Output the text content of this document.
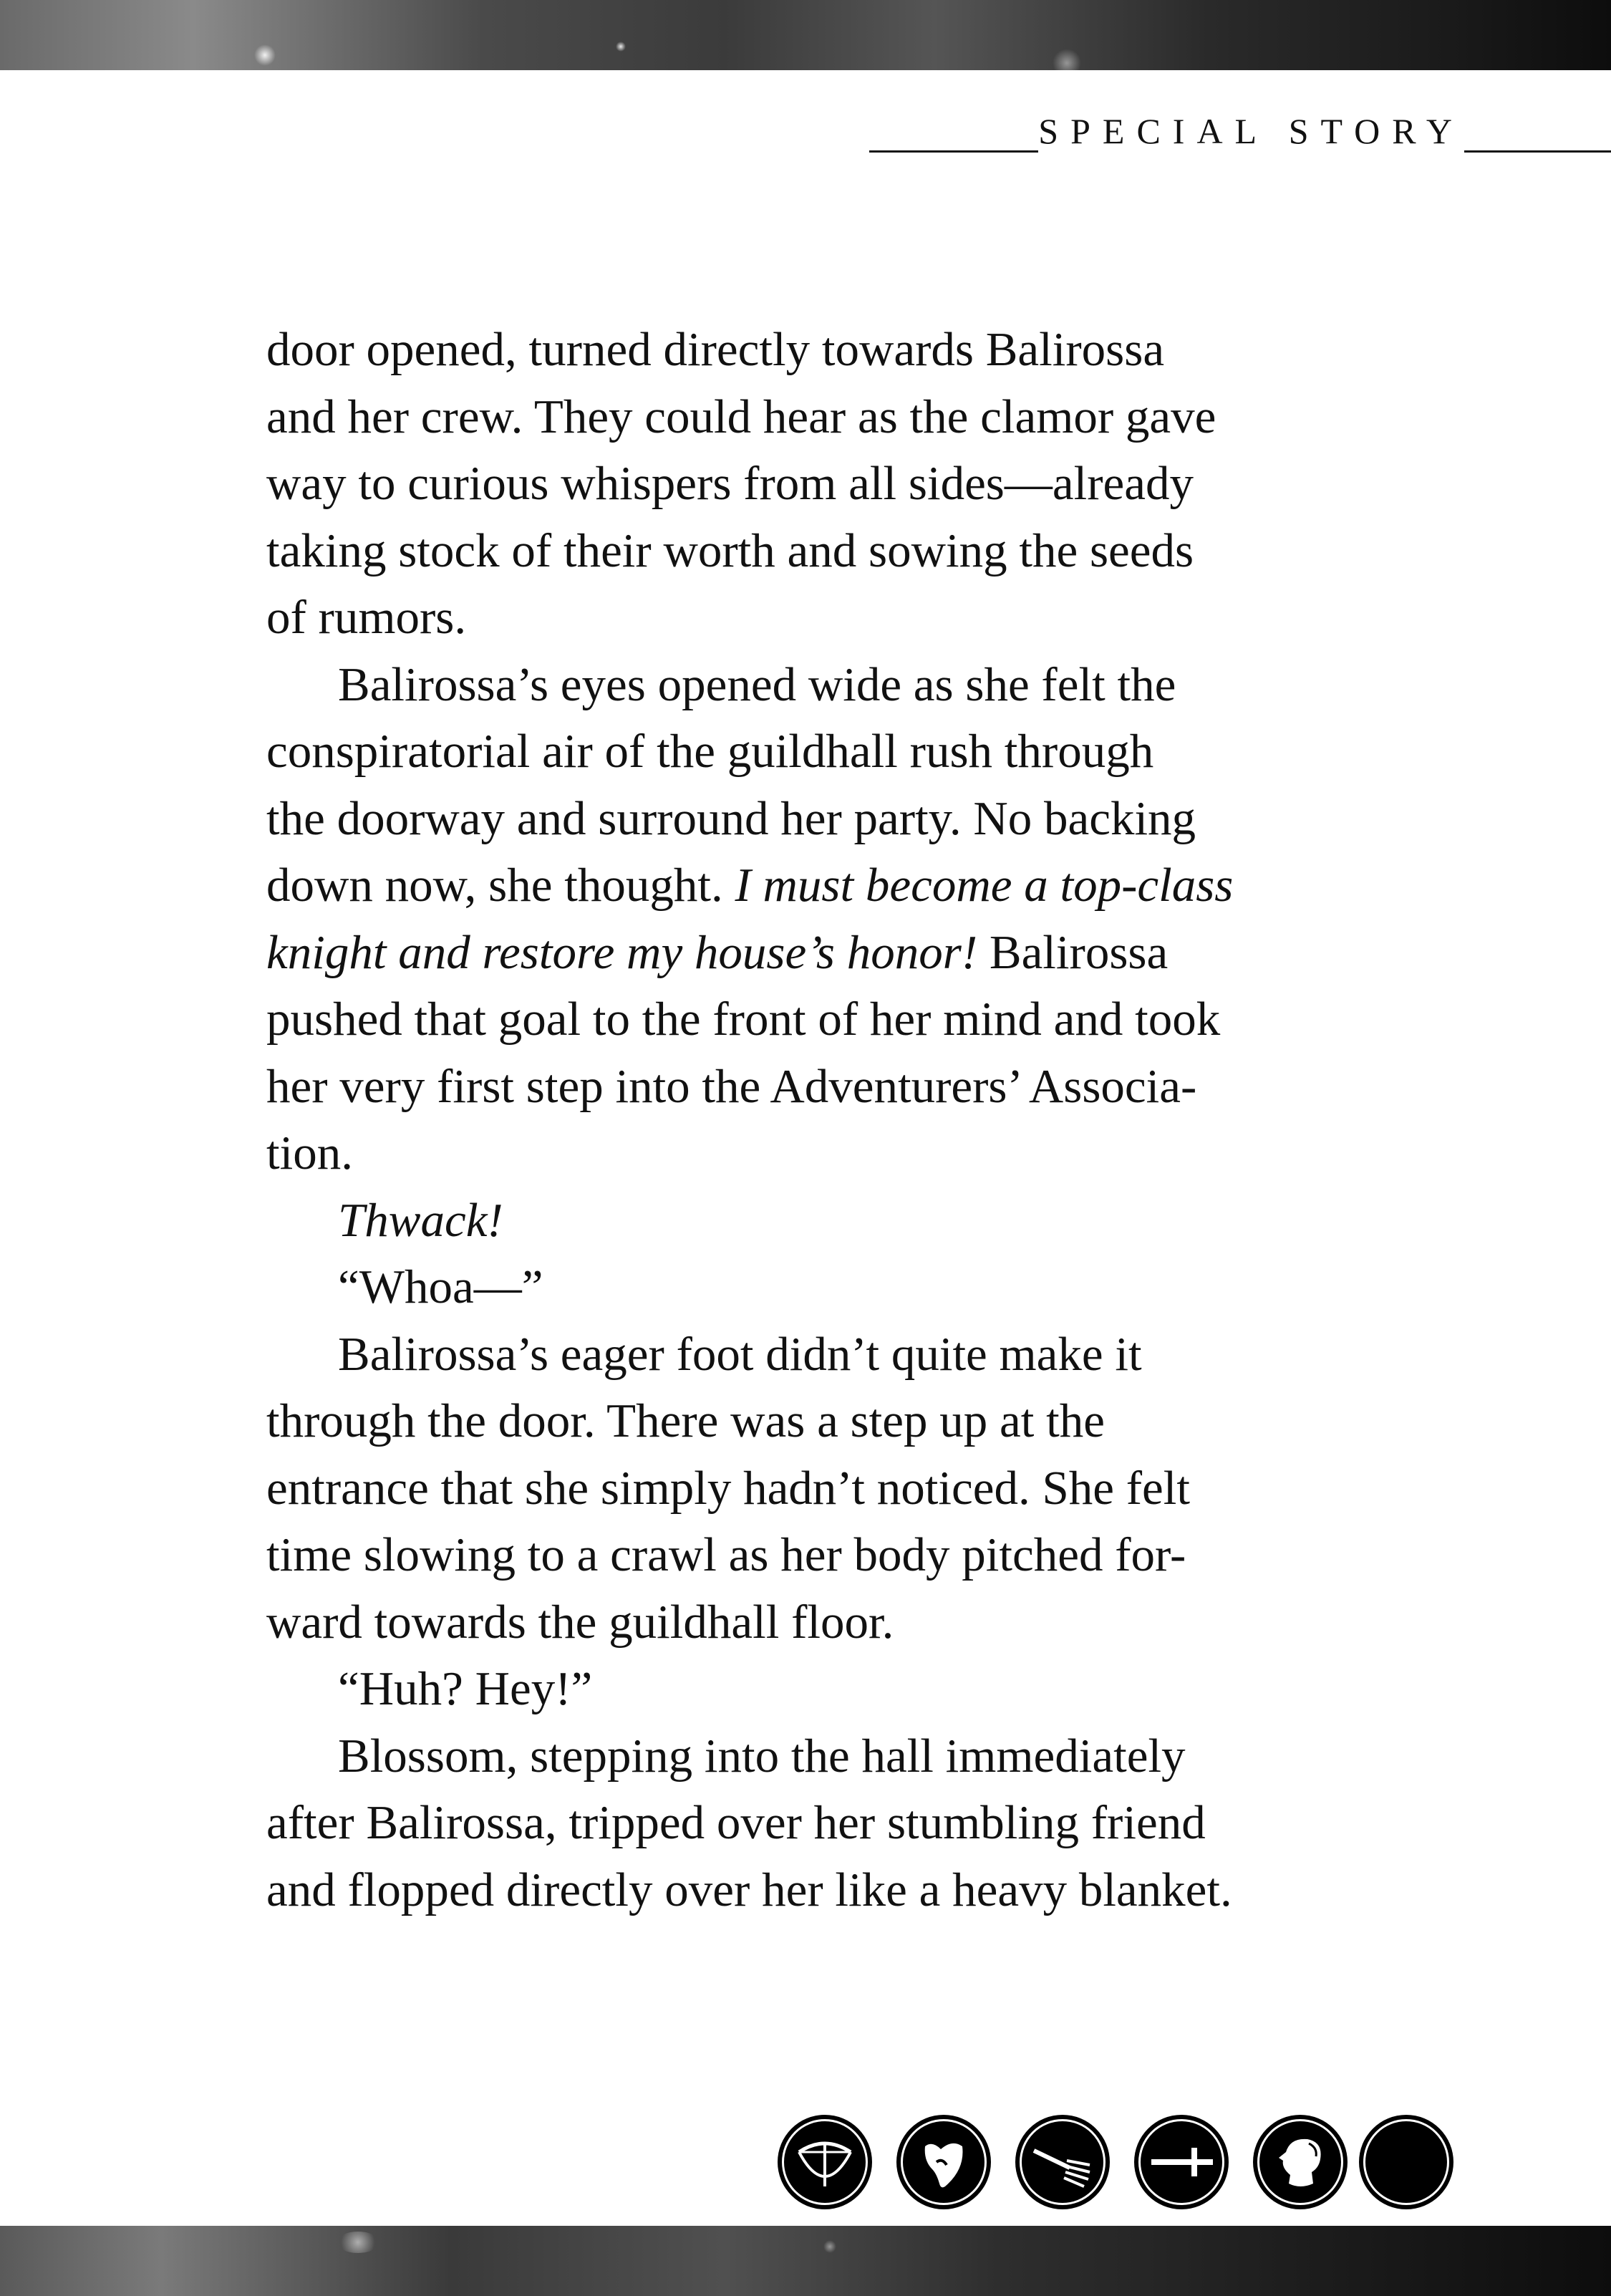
SPECIAL STORY
door opened, turned directly towards Balirossa
and her crew. They could hear as the clamor gave
way to curious whispers from all sides—already
taking stock of their worth and sowing the seeds
of rumors.
Balirossa’s eyes opened wide as she felt the
conspiratorial air of the guildhall rush through
the doorway and surround her party. No backing
down now, she thought. I must become a top-class
knight and restore my house’s honor! Balirossa
pushed that goal to the front of her mind and took
her very first step into the Adventurers’ Associa-
tion.
Thwack!
“Whoa—”
Balirossa’s eager foot didn’t quite make it
through the door. There was a step up at the
entrance that she simply hadn’t noticed. She felt
time slowing to a crawl as her body pitched for-
ward towards the guildhall floor.
“Huh? Hey!”
Blossom, stepping into the hall immediately
after Balirossa, tripped over her stumbling friend
and flopped directly over her like a heavy blanket.
